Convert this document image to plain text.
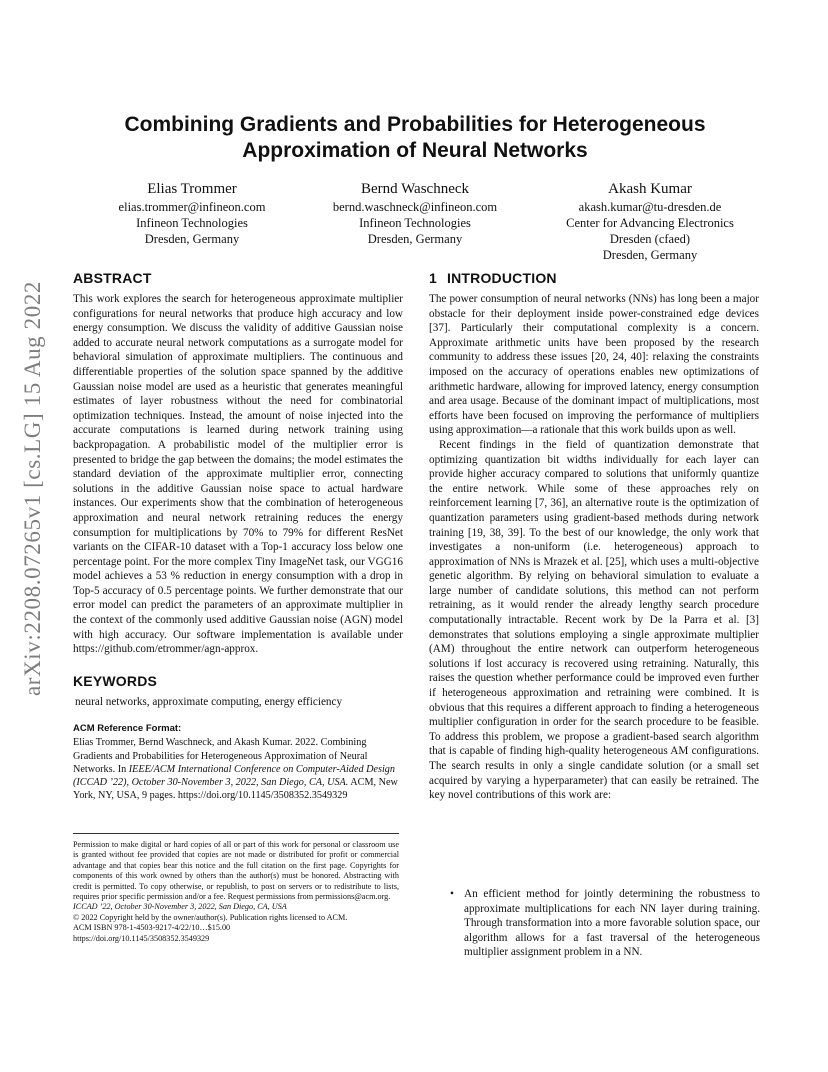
arXiv:2208.07265v1 [cs.LG] 15 Aug 2022
Combining Gradients and Probabilities for Heterogeneous
Approximation of Neural Networks
Elias Trommer
elias.trommer@infineon.com
Infineon Technologies
Dresden, Germany
Bernd Waschneck
bernd.waschneck@infineon.com
Infineon Technologies
Dresden, Germany
Akash Kumar
akash.kumar@tu-dresden.de
Center for Advancing Electronics
Dresden (cfaed)
Dresden, Germany
ABSTRACT

This work explores the search for heterogeneous approximate multiplier configurations for neural networks that produce high accuracy and low energy consumption. We discuss the validity of additive Gaussian noise added to accurate neural network computations as a surrogate model for behavioral simulation of approximate multipliers. The continuous and differentiable properties of the solution space spanned by the additive Gaussian noise model are used as a heuristic that generates meaningful estimates of layer robustness without the need for combinatorial optimization techniques. Instead, the amount of noise injected into the accurate computations is learned during network training using backpropagation. A probabilistic model of the multiplier error is presented to bridge the gap between the domains; the model estimates the standard deviation of the approximate multiplier error, connecting solutions in the additive Gaussian noise space to actual hardware instances. Our experiments show that the combination of heterogeneous approximation and neural network retraining reduces the energy consumption for multiplications by 70% to 79% for different ResNet variants on the CIFAR-10 dataset with a Top-1 accuracy loss below one percentage point. For the more complex Tiny ImageNet task, our VGG16 model achieves a 53 % reduction in energy consumption with a drop in Top-5 accuracy of 0.5 percentage points. We further demonstrate that our error model can predict the parameters of an approximate multiplier in the context of the commonly used additive Gaussian noise (AGN) model with high accuracy. Our software implementation is available under https://github.com/etrommer/agn-approx.

KEYWORDS
neural networks, approximate computing, energy efficiency
ACM Reference Format:
Elias Trommer, Bernd Waschneck, and Akash Kumar. 2022. Combining Gradients and Probabilities for Heterogeneous Approximation of Neural Networks. In IEEE/ACM International Conference on Computer-Aided Design (ICCAD ’22), October 30-November 3, 2022, San Diego, CA, USA. ACM, New York, NY, USA, 9 pages. https://doi.org/10.1145/3508352.3549329
Permission to make digital or hard copies of all or part of this work for personal or classroom use is granted without fee provided that copies are not made or distributed for profit or commercial advantage and that copies bear this notice and the full citation on the first page. Copyrights for components of this work owned by others than the author(s) must be honored. Abstracting with credit is permitted. To copy otherwise, or republish, to post on servers or to redistribute to lists, requires prior specific permission and/or a fee. Request permissions from permissions@acm.org.
ICCAD ’22, October 30-November 3, 2022, San Diego, CA, USA
© 2022 Copyright held by the owner/author(s). Publication rights licensed to ACM.
ACM ISBN 978-1-4503-9217-4/22/10…$15.00
https://doi.org/10.1145/3508352.3549329
1 INTRODUCTION

The power consumption of neural networks (NNs) has long been a major obstacle for their deployment inside power-constrained edge devices [37]. Particularly their computational complexity is a concern. Approximate arithmetic units have been proposed by the research community to address these issues [20, 24, 40]: relaxing the constraints imposed on the accuracy of operations enables new optimizations of arithmetic hardware, allowing for improved latency, energy consumption and area usage. Because of the dominant impact of multiplications, most efforts have been focused on improving the performance of multipliers using approximation—a rationale that this work builds upon as well.

Recent findings in the field of quantization demonstrate that optimizing quantization bit widths individually for each layer can provide higher accuracy compared to solutions that uniformly quantize the entire network. While some of these approaches rely on reinforcement learning [7, 36], an alternative route is the optimization of quantization parameters using gradient-based methods during network training [19, 38, 39]. To the best of our knowledge, the only work that investigates a non-uniform (i.e. heterogeneous) approach to approximation of NNs is Mrazek et al. [25], which uses a multi-objective genetic algorithm. By relying on behavioral simulation to evaluate a large number of candidate solutions, this method can not perform retraining, as it would render the already lengthy search procedure computationally intractable. Recent work by De la Parra et al. [3] demonstrates that solutions employing a single approximate multiplier (AM) throughout the entire network can outperform heterogeneous solutions if lost accuracy is recovered using retraining. Naturally, this raises the question whether performance could be improved even further if heterogeneous approximation and retraining were combined. It is obvious that this requires a different approach to finding a heterogeneous multiplier configuration in order for the search procedure to be feasible. To address this problem, we propose a gradient-based search algorithm that is capable of finding high-quality heterogeneous AM configurations. The search results in only a single candidate solution (or a small set acquired by varying a hyperparameter) that can easily be retrained. The key novel contributions of this work are:

• An efficient method for jointly determining the robustness to approximate multiplications for each NN layer during training. Through transformation into a more favorable solution space, our algorithm allows for a fast traversal of the heterogeneous multiplier assignment problem in a NN.
